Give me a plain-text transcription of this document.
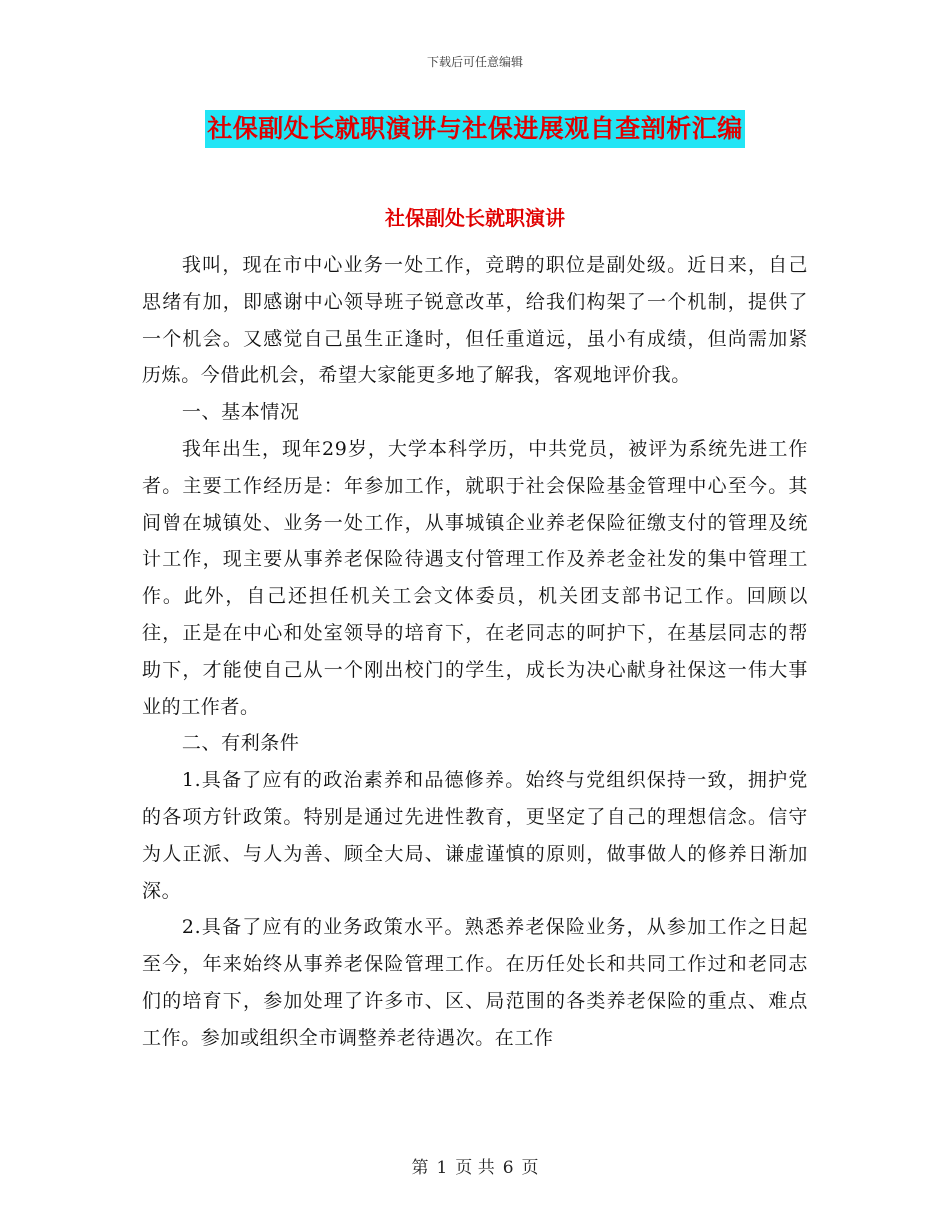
下载后可任意编辑
社保副处长就职演讲与社保进展观自查剖析汇编
社保副处长就职演讲

我叫，现在市中心业务一处工作，竞聘的职位是副处级。近日来，自己思绪有加，即感谢中心领导班子锐意改革，给我们构架了一个机制，提供了一个机会。又感觉自己虽生正逢时，但任重道远，虽小有成绩，但尚需加紧历炼。今借此机会，希望大家能更多地了解我，客观地评价我。

一、基本情况

我年出生，现年29岁，大学本科学历，中共党员，被评为系统先进工作者。主要工作经历是：年参加工作，就职于社会保险基金管理中心至今。其间曾在城镇处、业务一处工作，从事城镇企业养老保险征缴支付的管理及统计工作，现主要从事养老保险待遇支付管理工作及养老金社发的集中管理工作。此外，自己还担任机关工会文体委员，机关团支部书记工作。回顾以往，正是在中心和处室领导的培育下，在老同志的呵护下，在基层同志的帮助下，才能使自己从一个刚出校门的学生，成长为决心献身社保这一伟大事业的工作者。

二、有利条件

1.具备了应有的政治素养和品德修养。始终与党组织保持一致，拥护党的各项方针政策。特别是通过先进性教育，更坚定了自己的理想信念。信守为人正派、与人为善、顾全大局、谦虚谨慎的原则，做事做人的修养日渐加深。

2.具备了应有的业务政策水平。熟悉养老保险业务，从参加工作之日起至今，年来始终从事养老保险管理工作。在历任处长和共同工作过和老同志们的培育下，参加处理了许多市、区、局范围的各类养老保险的重点、难点工作。参加或组织全市调整养老待遇次。在工作

第 1 页 共 6 页
